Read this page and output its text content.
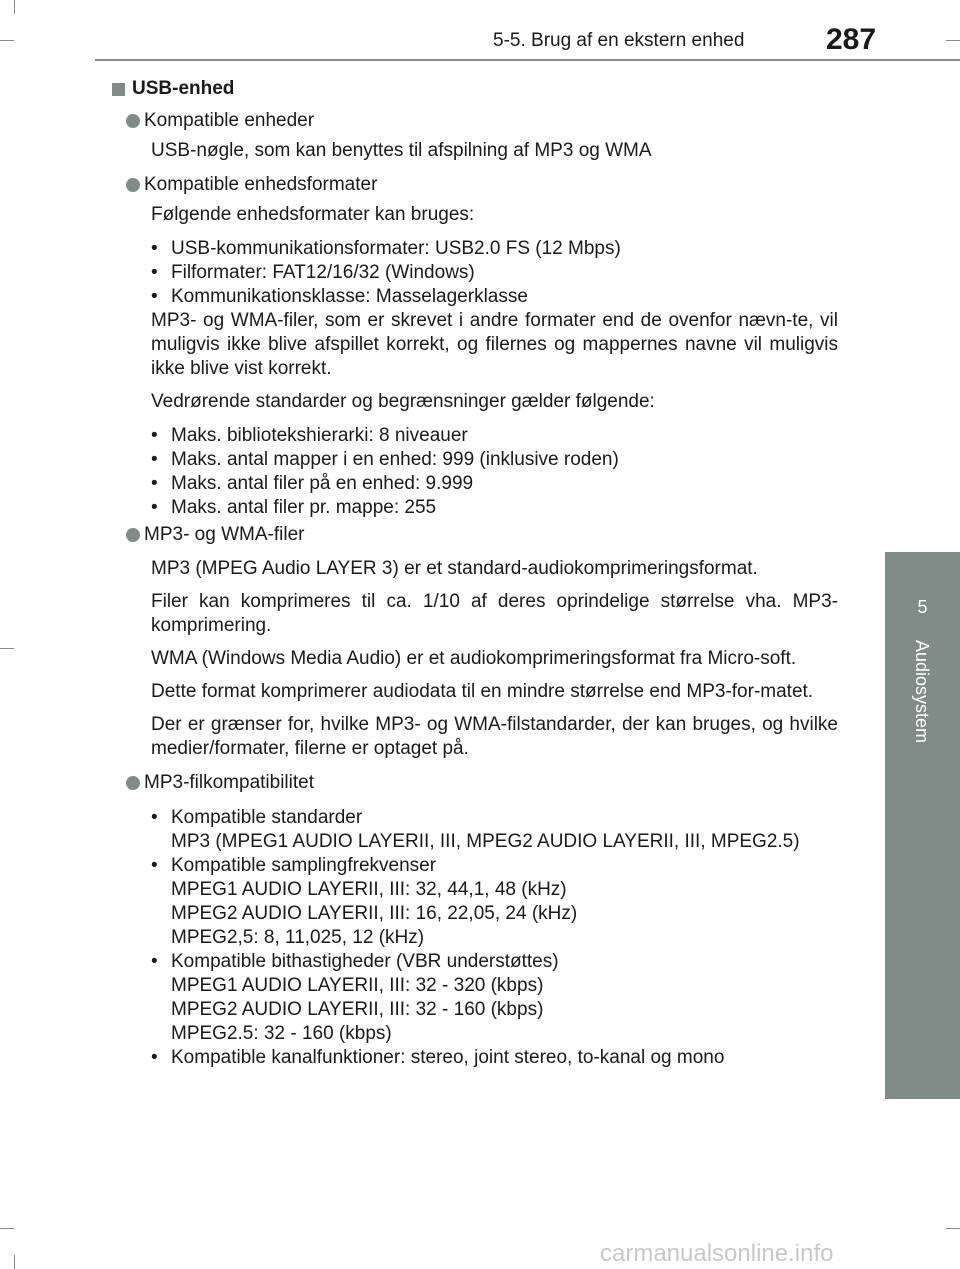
5-5. Brug af en ekstern enhed	287
5
Audiosystem
USB-enhed
Kompatible enheder
USB-nøgle, som kan benyttes til afspilning af MP3 og WMA
Kompatible enhedsformater
Følgende enhedsformater kan bruges:
• USB-kommunikationsformater: USB2.0 FS (12 Mbps)
• Filformater: FAT12/16/32 (Windows)
• Kommunikationsklasse: Masselagerklasse
MP3- og WMA-filer, som er skrevet i andre formater end de ovenfor nævn-te, vil muligvis ikke blive afspillet korrekt, og filernes og mappernes navne vil muligvis ikke blive vist korrekt.
Vedrørende standarder og begrænsninger gælder følgende:
• Maks. bibliotekshierarki: 8 niveauer
• Maks. antal mapper i en enhed: 999 (inklusive roden)
• Maks. antal filer på en enhed: 9.999
• Maks. antal filer pr. mappe: 255
MP3- og WMA-filer
MP3 (MPEG Audio LAYER 3) er et standard-audiokomprimeringsformat.
Filer kan komprimeres til ca. 1/10 af deres oprindelige størrelse vha. MP3-komprimering.
WMA (Windows Media Audio) er et audiokomprimeringsformat fra Micro-soft.
Dette format komprimerer audiodata til en mindre størrelse end MP3-for-matet.
Der er grænser for, hvilke MP3- og WMA-filstandarder, der kan bruges, og hvilke medier/formater, filerne er optaget på.
MP3-filkompatibilitet
• Kompatible standarder
MP3 (MPEG1 AUDIO LAYERII, III, MPEG2 AUDIO LAYERII, III, MPEG2.5)
• Kompatible samplingfrekvenser
MPEG1 AUDIO LAYERII, III: 32, 44,1, 48 (kHz)
MPEG2 AUDIO LAYERII, III: 16, 22,05, 24 (kHz)
MPEG2,5: 8, 11,025, 12 (kHz)
• Kompatible bithastigheder (VBR understøttes)
MPEG1 AUDIO LAYERII, III: 32 - 320 (kbps)
MPEG2 AUDIO LAYERII, III: 32 - 160 (kbps)
MPEG2.5: 32 - 160 (kbps)
• Kompatible kanalfunktioner: stereo, joint stereo, to-kanal og mono
carmanualsonline.info
